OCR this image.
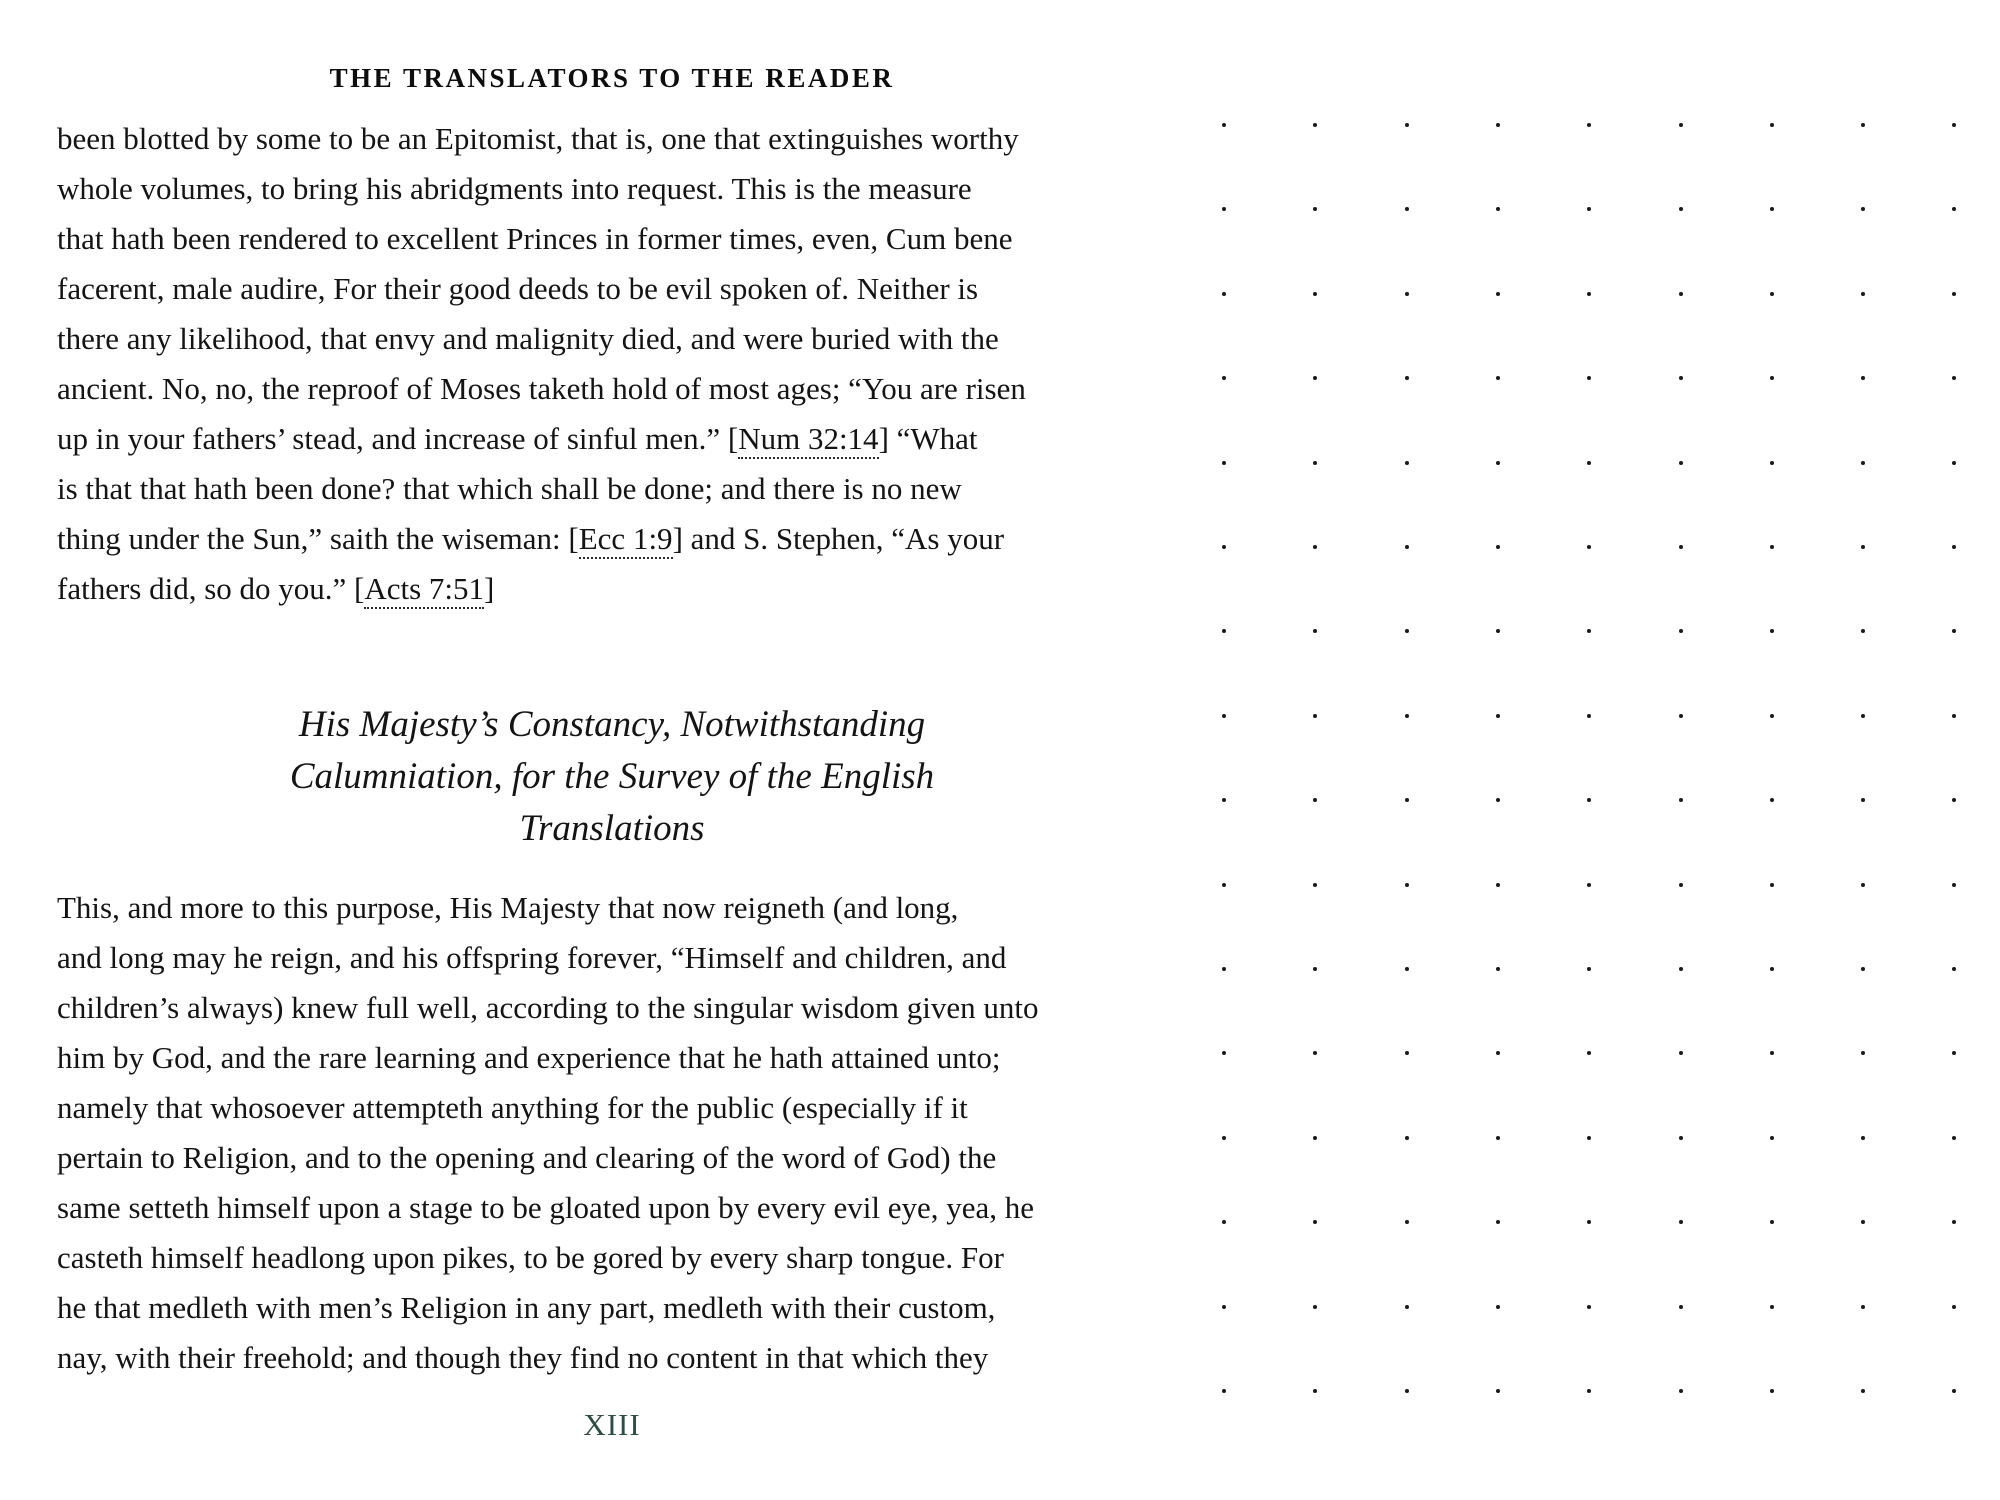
THE TRANSLATORS TO THE READER
been blotted by some to be an Epitomist, that is, one that extinguishes worthy
whole volumes, to bring his abridgments into request. This is the measure
that hath been rendered to excellent Princes in former times, even, Cum bene
facerent, male audire, For their good deeds to be evil spoken of. Neither is
there any likelihood, that envy and malignity died, and were buried with the
ancient. No, no, the reproof of Moses taketh hold of most ages; “You are risen
up in your fathers’ stead, and increase of sinful men.” [Num 32:14] “What
is that that hath been done? that which shall be done; and there is no new
thing under the Sun,” saith the wiseman: [Ecc 1:9] and S. Stephen, “As your
fathers did, so do you.” [Acts 7:51]
His Majesty’s Constancy, Notwithstanding
Calumniation, for the Survey of the English
Translations
This, and more to this purpose, His Majesty that now reigneth (and long,
and long may he reign, and his offspring forever, “Himself and children, and
children’s always) knew full well, according to the singular wisdom given unto
him by God, and the rare learning and experience that he hath attained unto;
namely that whosoever attempteth anything for the public (especially if it
pertain to Religion, and to the opening and clearing of the word of God) the
same setteth himself upon a stage to be gloated upon by every evil eye, yea, he
casteth himself headlong upon pikes, to be gored by every sharp tongue. For
he that medleth with men’s Religion in any part, medleth with their custom,
nay, with their freehold; and though they find no content in that which they
XIII
